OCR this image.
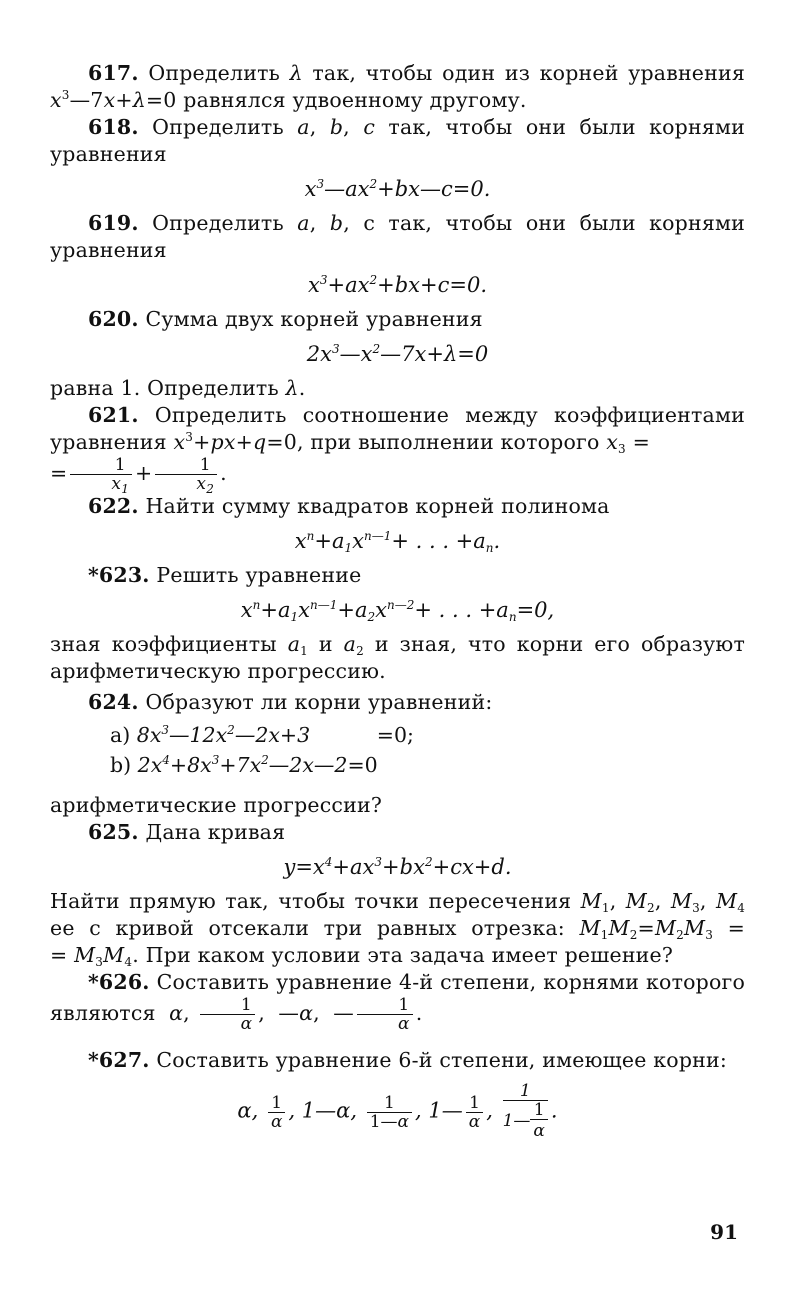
617. Определить λ так, чтобы один из корней уравнения $x^3—7x+\lambda=0$ равнялся удвоенному другому.

618. Определить a, b, c так, чтобы они были корнями уравнения

$x^3—ax^2+bx—c=0$.

619. Определить a, b, с так, чтобы они были корнями уравнения

$x^3+ax^2+bx+c=0$.

620. Сумма двух корней уравнения

$2x^3—x^2—7x+\lambda=0$

равна 1. Определить λ.

621. Определить соотношение между коэффициентами уравнения $x^3+px+q=0$, при выполнении которого $x_3$ =
= $\frac{1}{x_1} + \frac{1}{x_2}$ .

622. Найти сумму квадратов корней полинома

$x^n+a_1x^{n—1}+$ . . . $+a_n$.

*623. Решить уравнение

$x^n+a_1x^{n—1}+a_2x^{n—2}+$ . . . $+a_n=0$,

зная коэффициенты $a_1$ и $a_2$ и зная, что корни его образуют арифметическую прогрессию.

624. Образуют ли корни уравнений:

a) $8x^3—12x^2—2x+3$	=0;
b) $2x^4+8x^3+7x^2—2x—2=0$

арифметические прогрессии?

625. Дана кривая

$y=x^4+ax^3+bx^2+cx+d$.

Найти прямую так, чтобы точки пересечения $M_1$, $M_2$, $M_3$, $M_4$ ее с кривой отсекали три равных отрезка: $M_1M_2=M_2M_3$ = = $M_3M_4$. При каком условии эта задача имеет решение?

*626. Составить уравнение 4-й степени, корнями которого являются  α, $\frac{1}{\alpha}$ ,  —α,  — $\frac{1}{\alpha}$ .

*627. Составить уравнение 6-й степени, имеющее корни:

α, $\frac{1}{\alpha}$ , 1—α, $\frac{1}{1—\alpha}$ , 1— $\frac{1}{\alpha}$ , $\frac{1}{1— \frac{1}{\alpha}}$ .
91
